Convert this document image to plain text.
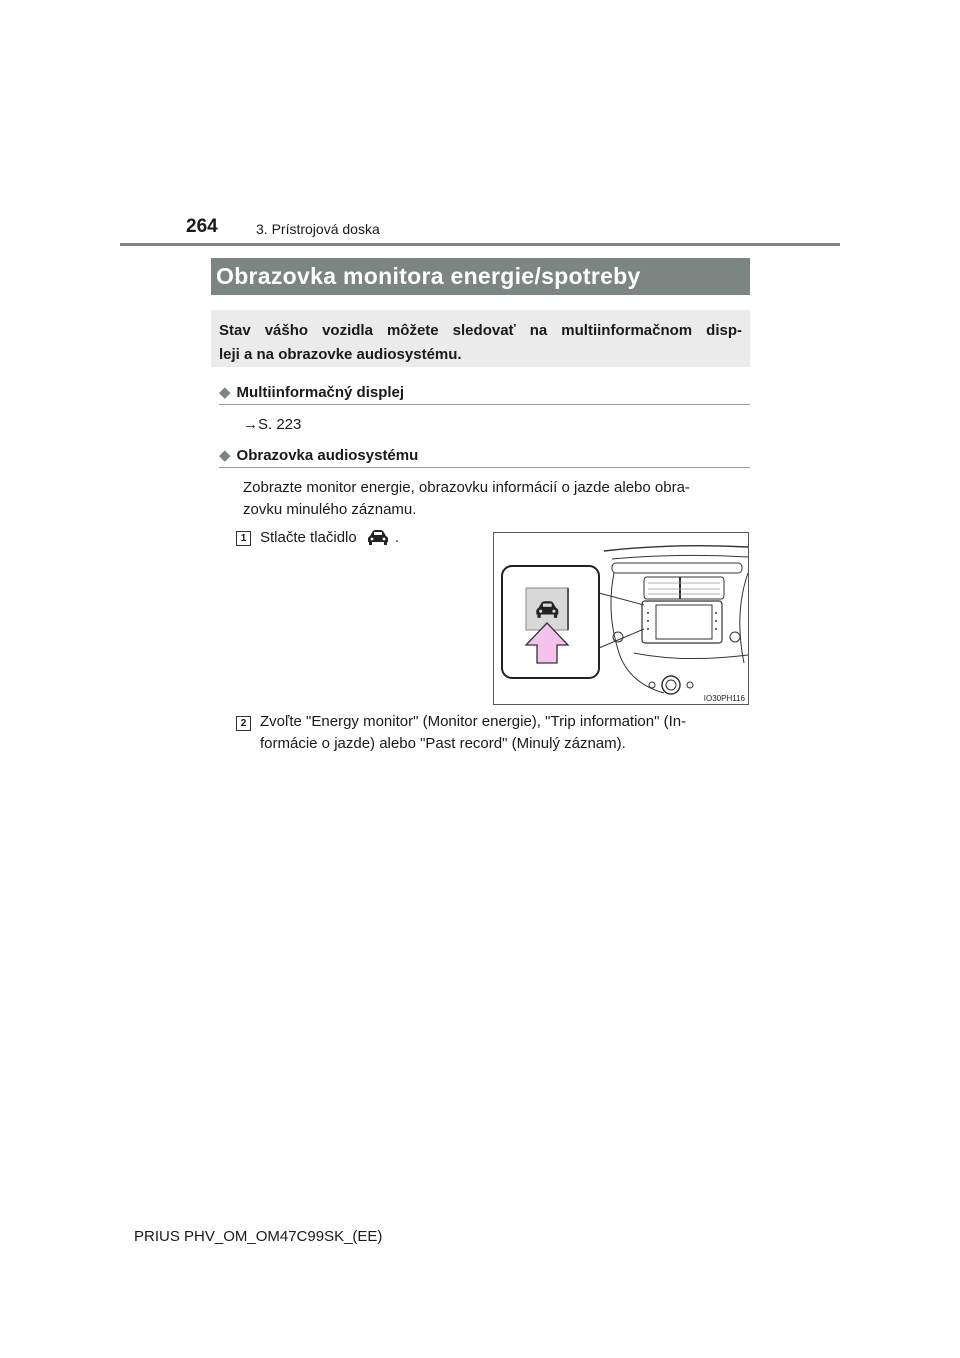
264	3. Prístrojová doska
Obrazovka monitora energie/spotreby
Stav vášho vozidla môžete sledovať na multiinformačnom disp-
leji a na obrazovke audiosystému.
◆ Multiinformačný displej
→S. 223
◆ Obrazovka audiosystému
Zobrazte monitor energie, obrazovku informácií o jazde alebo obra-
zovku minulého záznamu.
1 Stlačte tlačidlo	.
IO30PH116
2 Zvoľte "Energy monitor" (Monitor energie), "Trip information" (In-
formácie o jazde) alebo "Past record" (Minulý záznam).
PRIUS PHV_OM_OM47C99SK_(EE)
